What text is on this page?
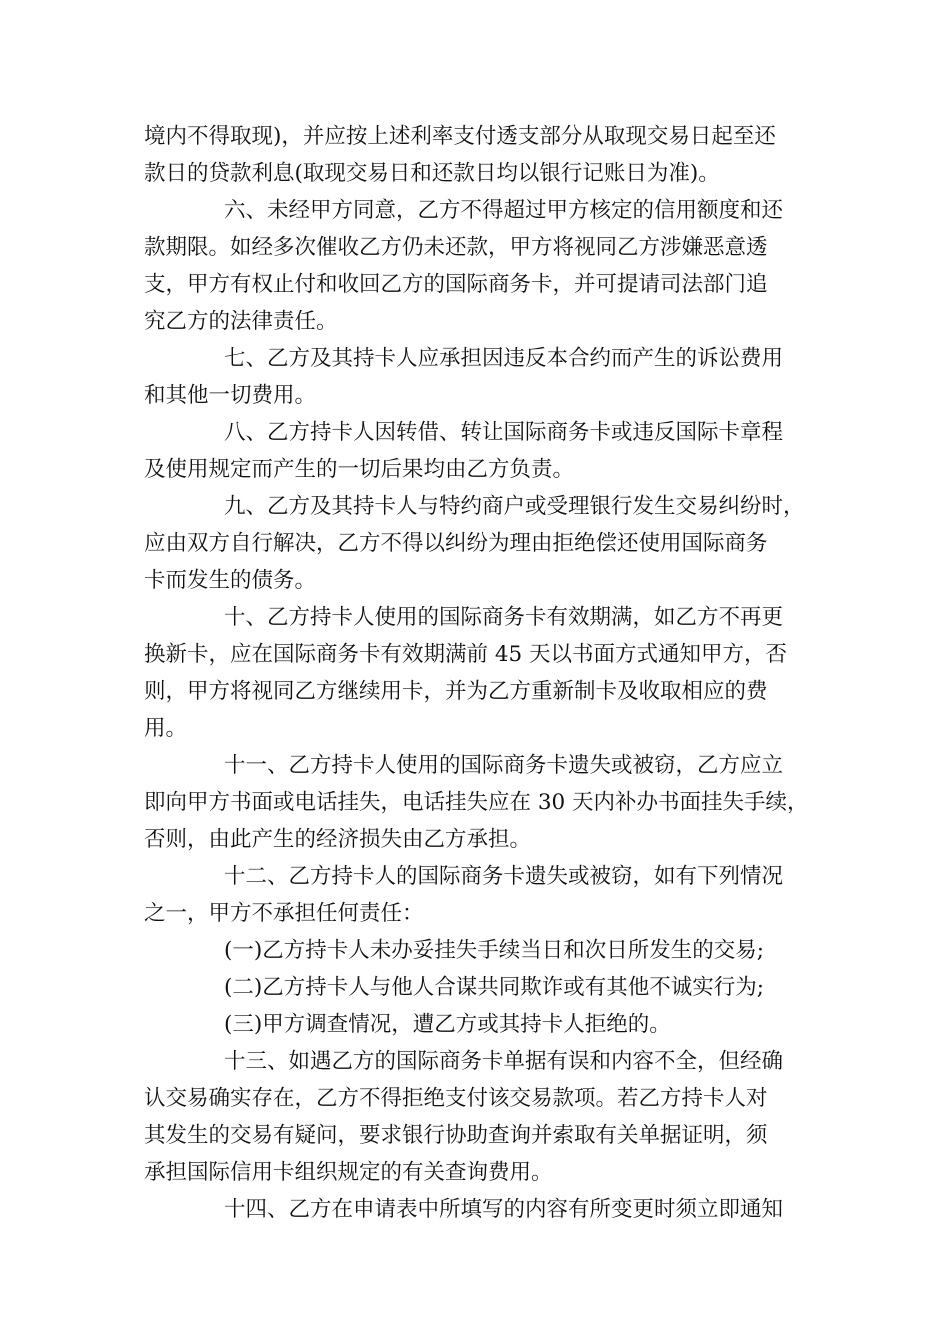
境内不得取现)，并应按上述利率支付透支部分从取现交易日起至还
款日的贷款利息(取现交易日和还款日均以银行记账日为准)。

六、未经甲方同意，乙方不得超过甲方核定的信用额度和还
款期限。如经多次催收乙方仍未还款，甲方将视同乙方涉嫌恶意透
支，甲方有权止付和收回乙方的国际商务卡，并可提请司法部门追
究乙方的法律责任。

七、乙方及其持卡人应承担因违反本合约而产生的诉讼费用
和其他一切费用。

八、乙方持卡人因转借、转让国际商务卡或违反国际卡章程
及使用规定而产生的一切后果均由乙方负责。

九、乙方及其持卡人与特约商户或受理银行发生交易纠纷时，
应由双方自行解决，乙方不得以纠纷为理由拒绝偿还使用国际商务
卡而发生的债务。

十、乙方持卡人使用的国际商务卡有效期满，如乙方不再更
换新卡，应在国际商务卡有效期满前 45 天以书面方式通知甲方，否
则，甲方将视同乙方继续用卡，并为乙方重新制卡及收取相应的费
用。

十一、乙方持卡人使用的国际商务卡遗失或被窃，乙方应立
即向甲方书面或电话挂失，电话挂失应在 30 天内补办书面挂失手续，
否则，由此产生的经济损失由乙方承担。

十二、乙方持卡人的国际商务卡遗失或被窃，如有下列情况
之一，甲方不承担任何责任：

(一)乙方持卡人未办妥挂失手续当日和次日所发生的交易;

(二)乙方持卡人与他人合谋共同欺诈或有其他不诚实行为;

(三)甲方调查情况，遭乙方或其持卡人拒绝的。

十三、如遇乙方的国际商务卡单据有误和内容不全，但经确
认交易确实存在，乙方不得拒绝支付该交易款项。若乙方持卡人对
其发生的交易有疑问，要求银行协助查询并索取有关单据证明，须
承担国际信用卡组织规定的有关查询费用。

十四、乙方在申请表中所填写的内容有所变更时须立即通知
